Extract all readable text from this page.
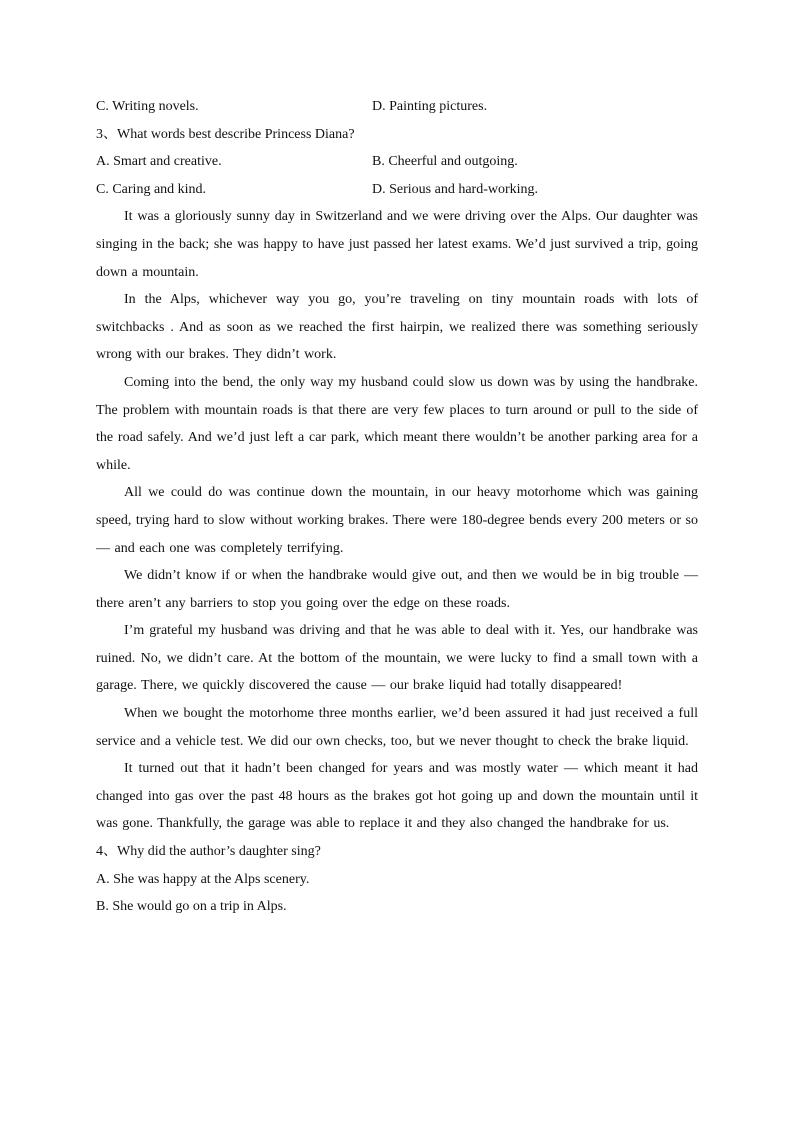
C. Writing novels.	D. Painting pictures.
3、What words best describe Princess Diana?
A. Smart and creative.	B. Cheerful and outgoing.
C. Caring and kind.	D. Serious and hard-working.

It was a gloriously sunny day in Switzerland and we were driving over the Alps. Our daughter was singing in the back; she was happy to have just passed her latest exams. We’d just survived a trip, going down a mountain.

In the Alps, whichever way you go, you’re traveling on tiny mountain roads with lots of switchbacks . And as soon as we reached the first hairpin, we realized there was something seriously wrong with our brakes. They didn’t work.

Coming into the bend, the only way my husband could slow us down was by using the handbrake. The problem with mountain roads is that there are very few places to turn around or pull to the side of the road safely. And we’d just left a car park, which meant there wouldn’t be another parking area for a while.

All we could do was continue down the mountain, in our heavy motorhome which was gaining speed, trying hard to slow without working brakes. There were 180-degree bends every 200 meters or so — and each one was completely terrifying.

We didn’t know if or when the handbrake would give out, and then we would be in big trouble — there aren’t any barriers to stop you going over the edge on these roads.

I’m grateful my husband was driving and that he was able to deal with it. Yes, our handbrake was ruined. No, we didn’t care. At the bottom of the mountain, we were lucky to find a small town with a garage. There, we quickly discovered the cause — our brake liquid had totally disappeared!

When we bought the motorhome three months earlier, we’d been assured it had just received a full service and a vehicle test. We did our own checks, too, but we never thought to check the brake liquid.

It turned out that it hadn’t been changed for years and was mostly water — which meant it had changed into gas over the past 48 hours as the brakes got hot going up and down the mountain until it was gone. Thankfully, the garage was able to replace it and they also changed the handbrake for us.

4、Why did the author’s daughter sing?
A. She was happy at the Alps scenery.
B. She would go on a trip in Alps.
